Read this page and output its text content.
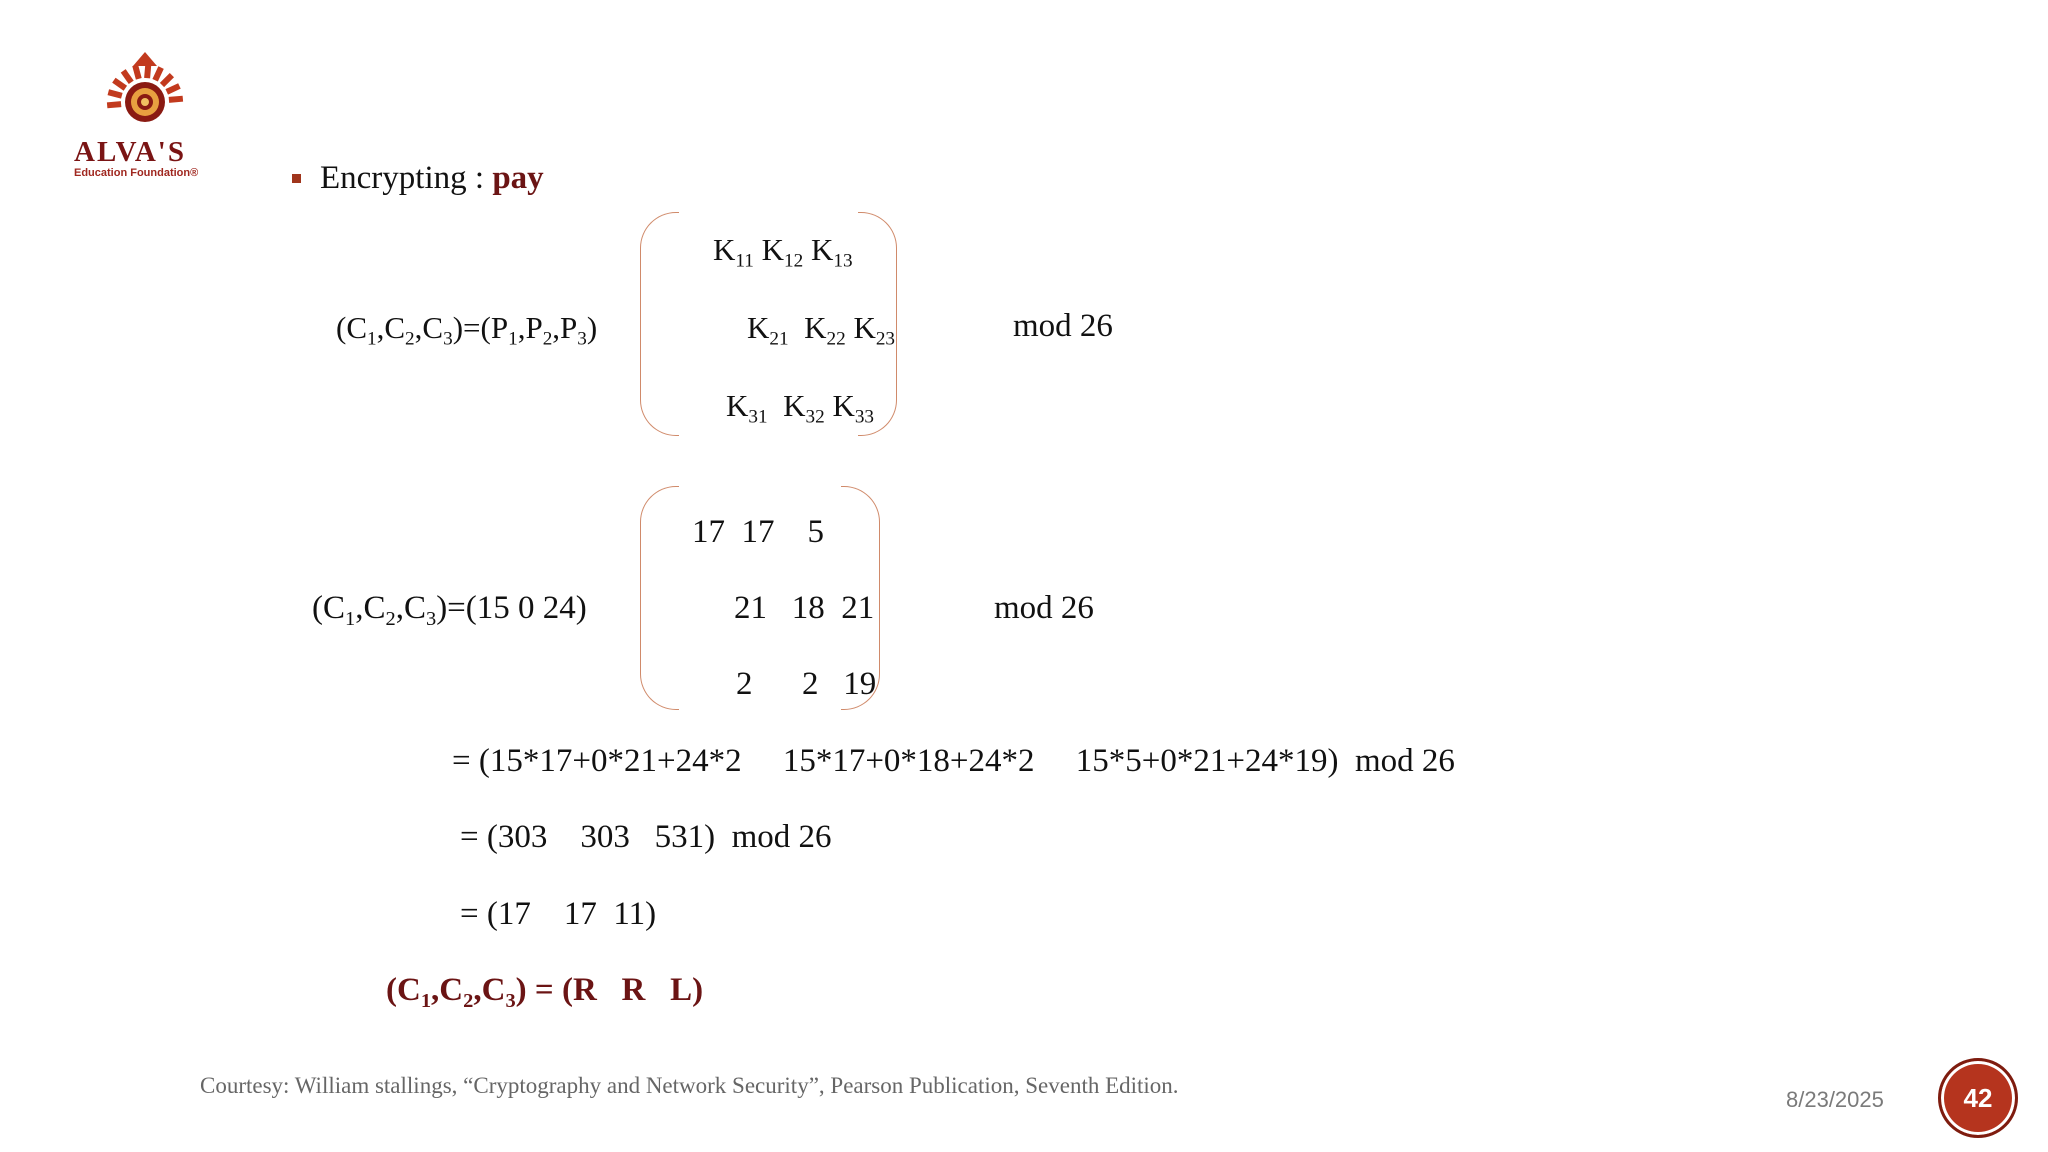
ALVA'S
Education Foundation®	Encrypting : pay
$(C_1,C_2,C_3)=(P_1,P_2,P_3)$
$K_{11}$ $K_{12}$ $K_{13}$
$K_{21}$  $K_{22}$ $K_{23}$
$K_{31}$  $K_{32}$ $K_{33}$
mod 26
$(C_1,C_2,C_3)=(15$ 0 24)
17  17    5
21   18  21
2      2   19
mod 26
= (15*17+0*21+24*2     15*17+0*18+24*2     15*5+0*21+24*19)  mod 26
= (303    303   531)  mod 26
= (17    17  11)
$(C_1,C_2,C_3) = (R$   R   L)
Courtesy: William stallings, “Cryptography and Network Security”, Pearson Publication, Seventh Edition.
8/23/2025	42
